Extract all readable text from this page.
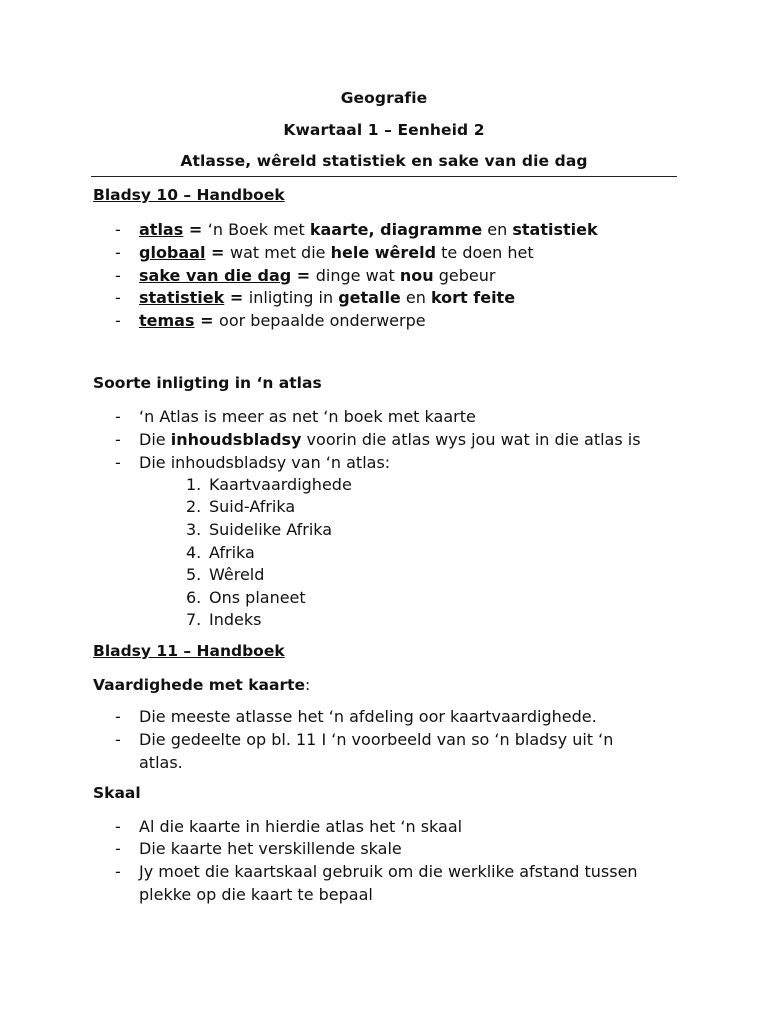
Geografie
Kwartaal 1 – Eenheid 2
Atlasse, wêreld statistiek en sake van die dag
Bladsy 10 – Handboek
- atlas = ‘n Boek met kaarte, diagramme en statistiek
- globaal = wat met die hele wêreld te doen het
- sake van die dag = dinge wat nou gebeur
- statistiek = inligting in getalle en kort feite
- temas = oor bepaalde onderwerpe
Soorte inligting in ‘n atlas
- ‘n Atlas is meer as net ‘n boek met kaarte
- Die inhoudsbladsy voorin die atlas wys jou wat in die atlas is
- Die inhoudsbladsy van ‘n atlas:
1. Kaartvaardighede
2. Suid-Afrika
3. Suidelike Afrika
4. Afrika
5. Wêreld
6. Ons planeet
7. Indeks
Bladsy 11 – Handboek
Vaardighede met kaarte:
- Die meeste atlasse het ‘n afdeling oor kaartvaardighede.
- Die gedeelte op bl. 11 I ‘n voorbeeld van so ‘n bladsy uit ‘n atlas.
Skaal
- Al die kaarte in hierdie atlas het ‘n skaal
- Die kaarte het verskillende skale
- Jy moet die kaartskaal gebruik om die werklike afstand tussen plekke op die kaart te bepaal
